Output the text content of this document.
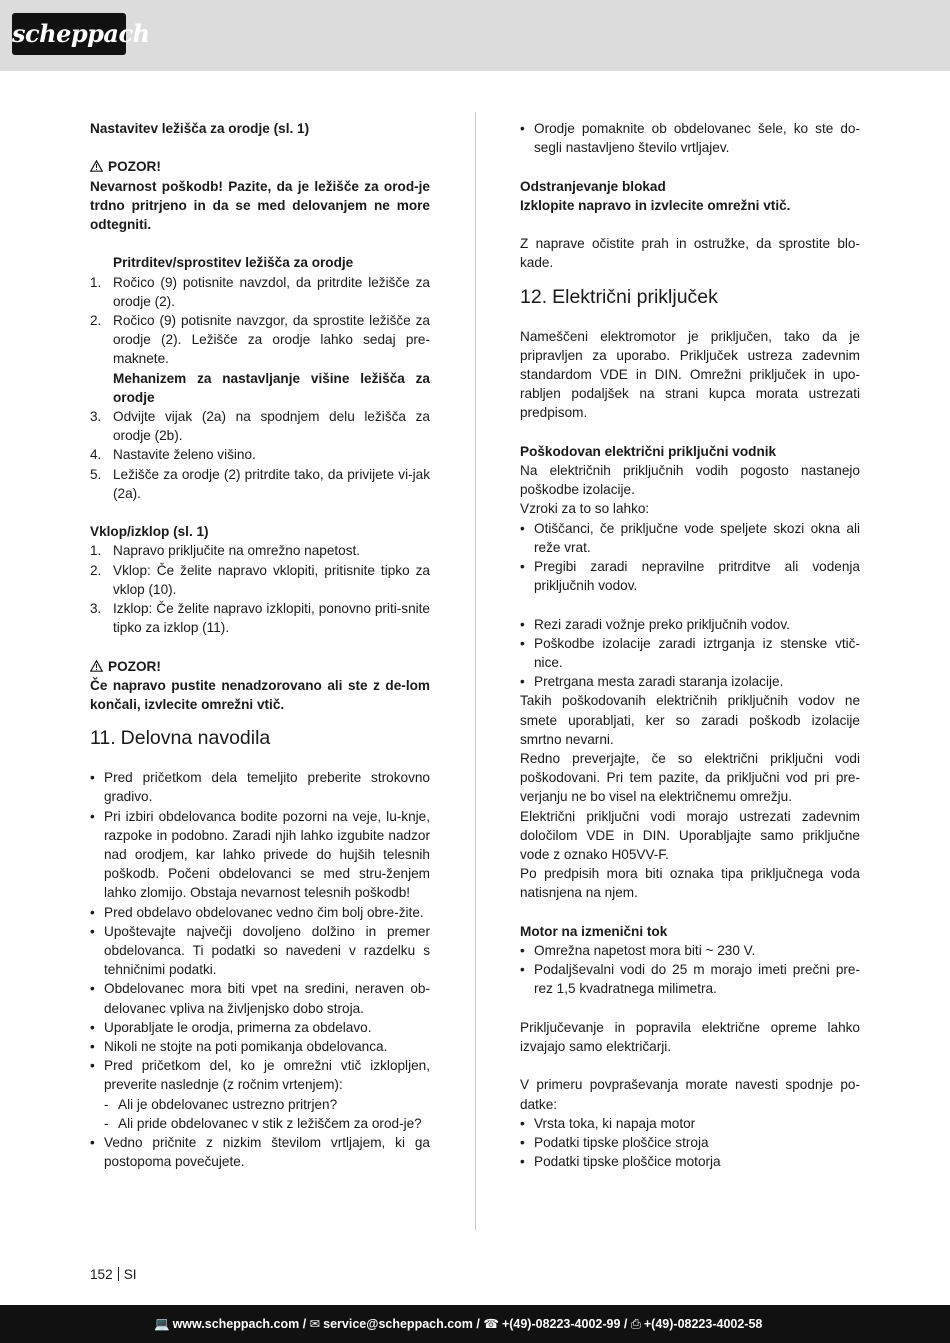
scheppach
Nastavitev ležišča za orodje (sl. 1)
POZOR!
Nevarnost poškodb! Pazite, da je ležišče za orod-je trdno pritrjeno in da se med delovanjem ne more odtegniti.
Pritrditev/sprostitev ležišča za orodje
1. Ročico (9) potisnite navzdol, da pritrdite ležišče za orodje (2).
2. Ročico (9) potisnite navzgor, da sprostite ležišče za orodje (2). Ležišče za orodje lahko sedaj pre-maknete.
Mehanizem za nastavljanje višine ležišča za orodje
3. Odvijte vijak (2a) na spodnjem delu ležišča za orodje (2b).
4. Nastavite želeno višino.
5. Ležišče za orodje (2) pritrdite tako, da privijete vi-jak (2a).
Vklop/izklop (sl. 1)
1. Napravo priključite na omrežno napetost.
2. Vklop: Če želite napravo vklopiti, pritisnite tipko za vklop (10).
3. Izklop: Če želite napravo izklopiti, ponovno priti-snite tipko za izklop (11).
POZOR!
Če napravo pustite nenadzorovano ali ste z de-lom končali, izvlecite omrežni vtič.
11. Delovna navodila
• Pred pričetkom dela temeljito preberite strokovno gradivo.
• Pri izbiri obdelovanca bodite pozorni na veje, lu-knje, razpoke in podobno. Zaradi njih lahko izgubite nadzor nad orodjem, kar lahko privede do hujših telesnih poškodb. Počeni obdelovanci se med stru-ženjem lahko zlomijo. Obstaja nevarnost telesnih poškodb!
• Pred obdelavo obdelovanec vedno čim bolj obre-žite.
• Upoštevajte največji dovoljeno dolžino in premer obdelovanca. Ti podatki so navedeni v razdelku s tehničnimi podatki.
• Obdelovanec mora biti vpet na sredini, neraven ob-delovanec vpliva na življenjsko dobo stroja.
• Uporabljate le orodja, primerna za obdelavo.
• Nikoli ne stojte na poti pomikanja obdelovanca.
• Pred pričetkom del, ko je omrežni vtič izklopljen, preverite naslednje (z ročnim vrtenjem):
- Ali je obdelovanec ustrezno pritrjen?
- Ali pride obdelovanec v stik z ležiščem za orod-je?
• Vedno pričnite z nizkim številom vrtljajem, ki ga postopoma povečujete.
• Orodje pomaknite ob obdelovanec šele, ko ste do-segli nastavljeno število vrtljajev.
Odstranjevanje blokad
Izklopite napravo in izvlecite omrežni vtič.
Z naprave očistite prah in ostružke, da sprostite blo-kade.
12. Električni priključek
Nameščeni elektromotor je priključen, tako da je pripravljen za uporabo. Priključek ustreza zadevnim standardom VDE in DIN. Omrežni priključek in upo-rabljen podaljšek na strani kupca morata ustrezati predpisom.
Poškodovan električni priključni vodnik
Na električnih priključnih vodih pogosto nastanejo poškodbe izolacije.
Vzroki za to so lahko:
• Otiščanci, če priključne vode speljete skozi okna ali reže vrat.
• Pregibi zaradi nepravilne pritrditve ali vodenja priključnih vodov.
• Rezi zaradi vožnje preko priključnih vodov.
• Poškodbe izolacije zaradi iztrganja iz stenske vtič-nice.
• Pretrgana mesta zaradi staranja izolacije.
Takih poškodovanih električnih priključnih vodov ne smete uporabljati, ker so zaradi poškodb izolacije smrtno nevarni.
Redno preverjajte, če so električni priključni vodi poškodovani. Pri tem pazite, da priključni vod pri pre-verjanju ne bo visel na električnemu omrežju.
Električni priključni vodi morajo ustrezati zadevnim določilom VDE in DIN. Uporabljajte samo priključne vode z oznako H05VV-F.
Po predpisih mora biti oznaka tipa priključnega voda natisnjena na njem.
Motor na izmenični tok
• Omrežna napetost mora biti ~ 230 V.
• Podaljševalni vodi do 25 m morajo imeti prečni pre-rez 1,5 kvadratnega milimetra.
Priključevanje in popravila električne opreme lahko izvajajo samo električarji.
V primeru povpraševanja morate navesti spodnje po-datke:
• Vrsta toka, ki napaja motor
• Podatki tipske ploščice stroja
• Podatki tipske ploščice motorja
152 SI
💻 www.scheppach.com / ✉ service@scheppach.com / ☎ +(49)-08223-4002-99 / ⎙ +(49)-08223-4002-58
